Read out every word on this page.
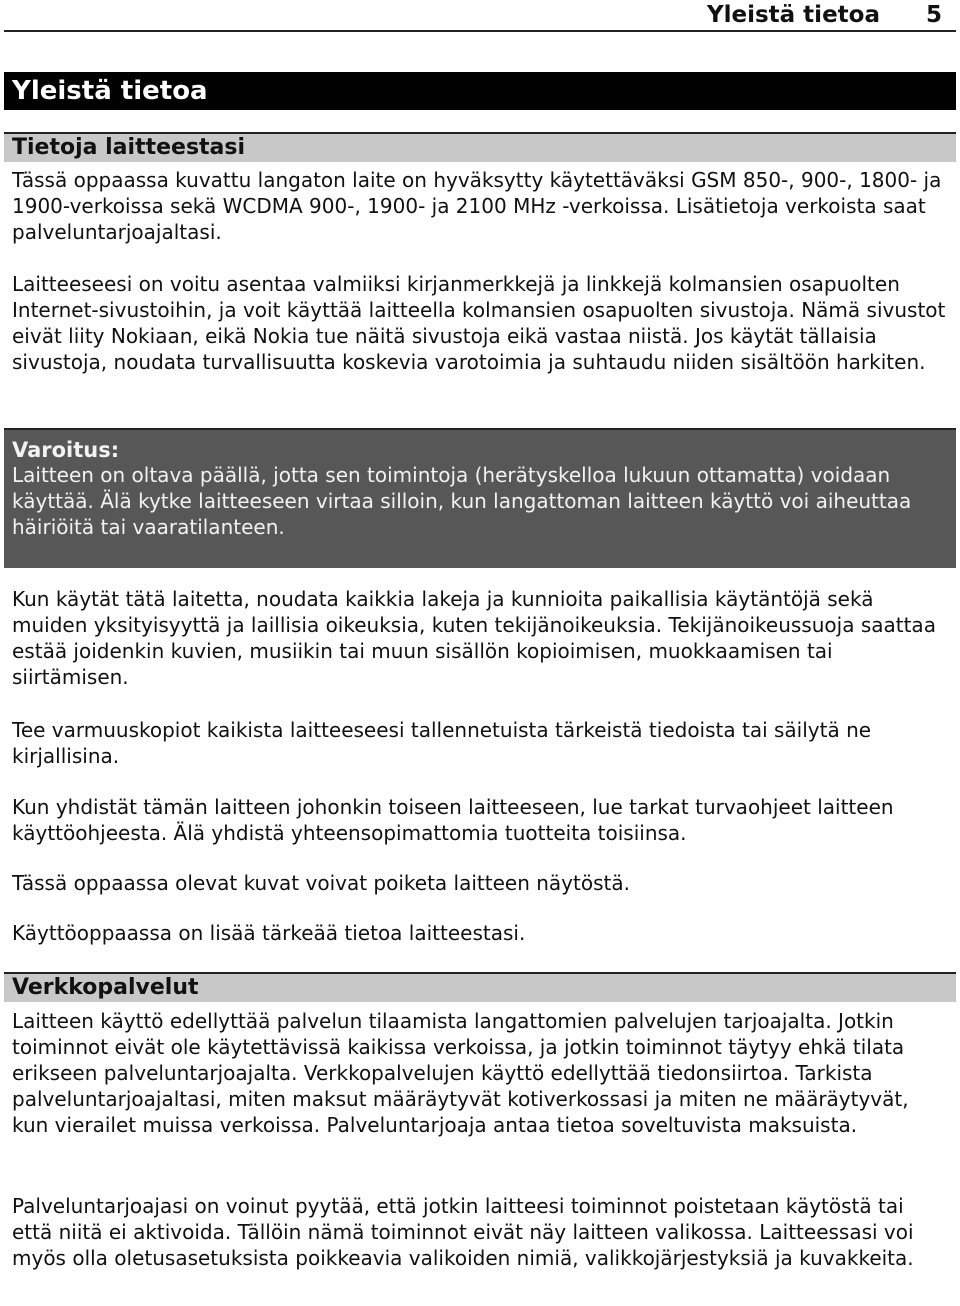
Yleistä tietoa 5
Yleistä tietoa
Tietoja laitteestasi

Tässä oppaassa kuvattu langaton laite on hyväksytty käytettäväksi GSM 850-, 900-, 1800- ja 1900-verkoissa sekä WCDMA 900-, 1900- ja 2100 MHz -verkoissa. Lisätietoja verkoista saat palveluntarjoajaltasi.

Laitteeseesi on voitu asentaa valmiiksi kirjanmerkkejä ja linkkejä kolmansien osapuolten Internet-sivustoihin, ja voit käyttää laitteella kolmansien osapuolten sivustoja. Nämä sivustot eivät liity Nokiaan, eikä Nokia tue näitä sivustoja eikä vastaa niistä. Jos käytät tällaisia sivustoja, noudata turvallisuutta koskevia varotoimia ja suhtaudu niiden sisältöön harkiten.

Varoitus:

Laitteen on oltava päällä, jotta sen toimintoja (herätyskelloa lukuun ottamatta) voidaan käyttää. Älä kytke laitteeseen virtaa silloin, kun langattoman laitteen käyttö voi aiheuttaa häiriöitä tai vaaratilanteen.

Kun käytät tätä laitetta, noudata kaikkia lakeja ja kunnioita paikallisia käytäntöjä sekä muiden yksityisyyttä ja laillisia oikeuksia, kuten tekijänoikeuksia. Tekijänoikeussuoja saattaa estää joidenkin kuvien, musiikin tai muun sisällön kopioimisen, muokkaamisen tai siirtämisen.

Tee varmuuskopiot kaikista laitteeseesi tallennetuista tärkeistä tiedoista tai säilytä ne kirjallisina.

Kun yhdistät tämän laitteen johonkin toiseen laitteeseen, lue tarkat turvaohjeet laitteen käyttöohjeesta. Älä yhdistä yhteensopimattomia tuotteita toisiinsa.

Tässä oppaassa olevat kuvat voivat poiketa laitteen näytöstä.

Käyttöoppaassa on lisää tärkeää tietoa laitteestasi.

Verkkopalvelut

Laitteen käyttö edellyttää palvelun tilaamista langattomien palvelujen tarjoajalta. Jotkin toiminnot eivät ole käytettävissä kaikissa verkoissa, ja jotkin toiminnot täytyy ehkä tilata erikseen palveluntarjoajalta. Verkkopalvelujen käyttö edellyttää tiedonsiirtoa. Tarkista palveluntarjoajaltasi, miten maksut määräytyvät kotiverkossasi ja miten ne määräytyvät, kun vierailet muissa verkoissa. Palveluntarjoaja antaa tietoa soveltuvista maksuista.

Palveluntarjoajasi on voinut pyytää, että jotkin laitteesi toiminnot poistetaan käytöstä tai että niitä ei aktivoida. Tällöin nämä toiminnot eivät näy laitteen valikossa. Laitteessasi voi myös olla oletusasetuksista poikkeavia valikoiden nimiä, valikkojärjestyksiä ja kuvakkeita.
